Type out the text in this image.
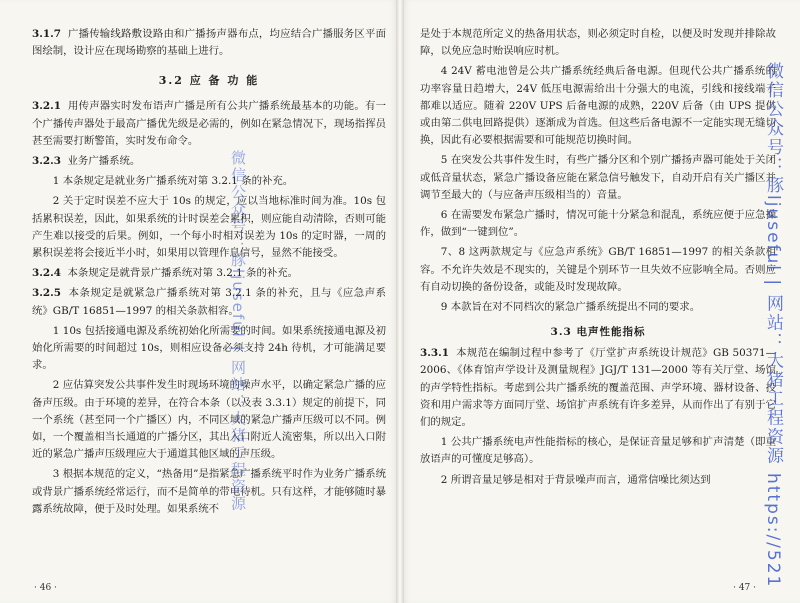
3.1.7 广播传输线路敷设路由和广播扬声器布点，均应结合广播服务区平面图绘制，设计应在现场勘察的基础上进行。

3.2 应 备 功 能

3.2.1 用传声器实时发布语声广播是所有公共广播系统最基本的功能。有一个广播传声器处于最高广播优先级是必需的，例如在紧急情况下，现场指挥员甚至需要打断警笛，实时发布命令。

3.2.3 业务广播系统。

1 本条规定是就业务广播系统对第 3.2.1 条的补充。

2 关于定时误差不应大于 10s 的规定，应以当地标准时间为准。10s 包括累积误差，因此，如果系统的计时误差会累积，则应能自动清除，否则可能产生难以接受的后果。例如，一个每小时相对误差为 10s 的定时器，一周的累积误差将会接近半小时，如果用以管理作息信号，显然不能接受。

3.2.4 本条规定是就背景广播系统对第 3.2.1 条的补充。

3.2.5 本条规定是就紧急广播系统对第 3.2.1 条的补充，且与《应急声系统》GB/T 16851—1997 的相关条款相容。

1 10s 包括接通电源及系统初始化所需要的时间。如果系统接通电源及初始化所需要的时间超过 10s，则相应设备必须支持 24h 待机，才可能满足要求。

2 应估算突发公共事件发生时现场环境的噪声水平，以确定紧急广播的应备声压级。由于环境的差异，在符合本条（以及表 3.3.1）规定的前提下，同一个系统（甚至同一个广播区）内，不同区域的紧急广播声压级可以不同。例如，一个覆盖相当长通道的广播分区，其出入口附近人流密集，所以出入口附近的紧急广播声压级理应大于通道其他区域的声压级。

3 根据本规范的定义，“热备用”是指紧急广播系统平时作为业务广播系统或背景广播系统经常运行，而不是简单的带电待机。只有这样，才能够随时暴露系统故障，便于及时处理。如果系统不

· 46 ·

是处于本规范所定义的热备用状态，则必须定时自检，以便及时发现并排除故障，以免应急时贻误响应时机。

4 24V 蓄电池曾是公共广播系统经典后备电源。但现代公共广播系统的功率容量日趋增大，24V 低压电源需给出十分强大的电流，引线和接线端子都难以适应。随着 220V UPS 后备电源的成熟，220V 后备（由 UPS 提供或由第二供电回路提供）逐渐成为首选。但这些后备电源不一定能实现无缝切换，因此有必要根据需要和可能规范切换时间。

5 在突发公共事件发生时，有些广播分区和个别广播扬声器可能处于关闭或低音量状态，紧急广播设备应能在紧急信号触发下，自动开启有关广播区并调节至最大的（与应备声压级相当的）音量。

6 在需要发布紧急广播时，情况可能十分紧急和混乱，系统应便于应急操作，做到“一键到位”。

7、8 这两款规定与《应急声系统》GB/T 16851—1997 的相关条款相容。不允许失效是不现实的，关键是个别环节一旦失效不应影响全局。否则应有自动切换的备份设备，或能及时发现故障。

9 本款旨在对不同档次的紧急广播系统提出不同的要求。

3.3 电声性能指标

3.3.1 本规范在编制过程中参考了《厅堂扩声系统设计规范》GB 50371—2006、《体育馆声学设计及测量规程》JGJ/T 131—2000 等有关厅堂、场馆的声学特性指标。考虑到公共广播系统的覆盖范围、声学环境、器材设备、投资和用户需求等方面同厅堂、场馆扩声系统有许多差异，从而作出了有别于它们的规定。

1 公共广播系统电声性能指标的核心，是保证音量足够和扩声清楚（即重放语声的可懂度足够高）。

2 所谓音量足够是相对于背景噪声而言，通常信噪比须达到

· 47 · 微信公众号：豚ljuseful | 网站：大猪工程资源 https://521
微信公众号：豚ljuseful | 网站：大猪工程资源
